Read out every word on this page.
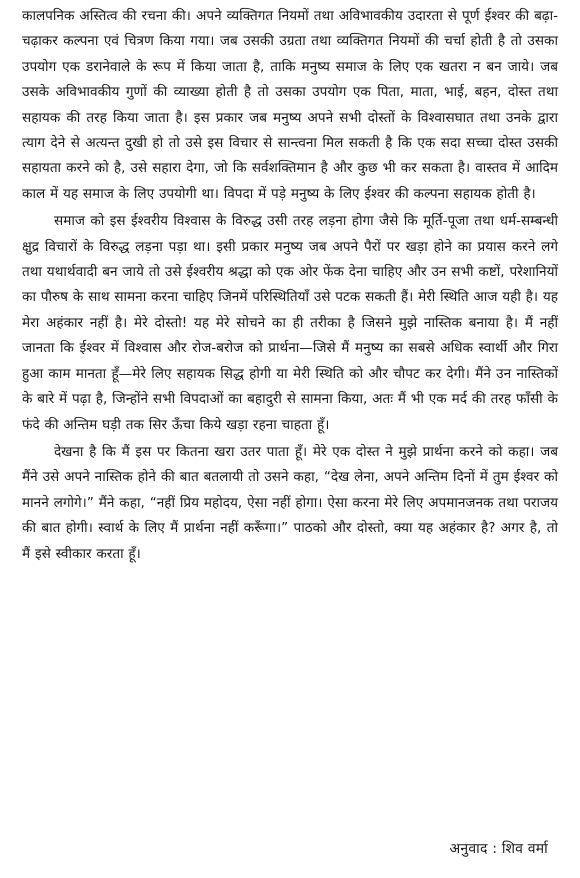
कालपनिक अस्तित्व की रचना की। अपने व्यक्तिगत नियमों तथा अविभावकीय उदारता से पूर्ण ईश्वर की बढ़ा-चढ़ाकर कल्पना एवं चित्रण किया गया। जब उसकी उग्रता तथा व्यक्तिगत नियमों की चर्चा होती है तो उसका उपयोग एक डरानेवाले के रूप में किया जाता है, ताकि मनुष्य समाज के लिए एक खतरा न बन जाये। जब उसके अविभावकीय गुणों की व्याख्या होती है तो उसका उपयोग एक पिता, माता, भाई, बहन, दोस्त तथा सहायक की तरह किया जाता है। इस प्रकार जब मनुष्य अपने सभी दोस्तों के विश्वासघात तथा उनके द्वारा त्याग देने से अत्यन्त दुखी हो तो उसे इस विचार से सान्त्वना मिल सकती है कि एक सदा सच्चा दोस्त उसकी सहायता करने को है, उसे सहारा देगा, जो कि सर्वशक्तिमान है और कुछ भी कर सकता है। वास्तव में आदिम काल में यह समाज के लिए उपयोगी था। विपदा में पड़े मनुष्य के लिए ईश्वर की कल्पना सहायक होती है।

समाज को इस ईश्वरीय विश्वास के विरुद्ध उसी तरह लड़ना होगा जैसे कि मूर्ति-पूजा तथा धर्म-सम्बन्धी क्षुद्र विचारों के विरुद्ध लड़ना पड़ा था। इसी प्रकार मनुष्य जब अपने पैरों पर खड़ा होने का प्रयास करने लगे तथा यथार्थवादी बन जाये तो उसे ईश्वरीय श्रद्धा को एक ओर फेंक देना चाहिए और उन सभी कष्टों, परेशानियों का पौरुष के साथ सामना करना चाहिए जिनमें परिस्थितियाँ उसे पटक सकती हैं। मेरी स्थिति आज यही है। यह मेरा अहंकार नहीं है। मेरे दोस्तो! यह मेरे सोचने का ही तरीका है जिसने मुझे नास्तिक बनाया है। मैं नहीं जानता कि ईश्वर में विश्वास और रोज-बरोज को प्रार्थना—जिसे मैं मनुष्य का सबसे अधिक स्वार्थी और गिरा हुआ काम मानता हूँ—मेरे लिए सहायक सिद्ध होगी या मेरी स्थिति को और चौपट कर देगी। मैंने उन नास्तिकों के बारे में पढ़ा है, जिन्होंने सभी विपदाओं का बहादुरी से सामना किया, अतः मैं भी एक मर्द की तरह फाँसी के फंदे की अन्तिम घड़ी तक सिर ऊँचा किये खड़ा रहना चाहता हूँ।

देखना है कि मैं इस पर कितना खरा उतर पाता हूँ। मेरे एक दोस्त ने मुझे प्रार्थना करने को कहा। जब मैंने उसे अपने नास्तिक होने की बात बतलायी तो उसने कहा, “देख लेना, अपने अन्तिम दिनों में तुम ईश्वर को मानने लगोगे।” मैंने कहा, “नहीं प्रिय महोदय, ऐसा नहीं होगा। ऐसा करना मेरे लिए अपमानजनक तथा पराजय की बात होगी। स्वार्थ के लिए मैं प्रार्थना नहीं करूँगा।” पाठको और दोस्तो, क्या यह अहंकार है? अगर है, तो मैं इसे स्वीकार करता हूँ।

अनुवाद : शिव वर्मा
